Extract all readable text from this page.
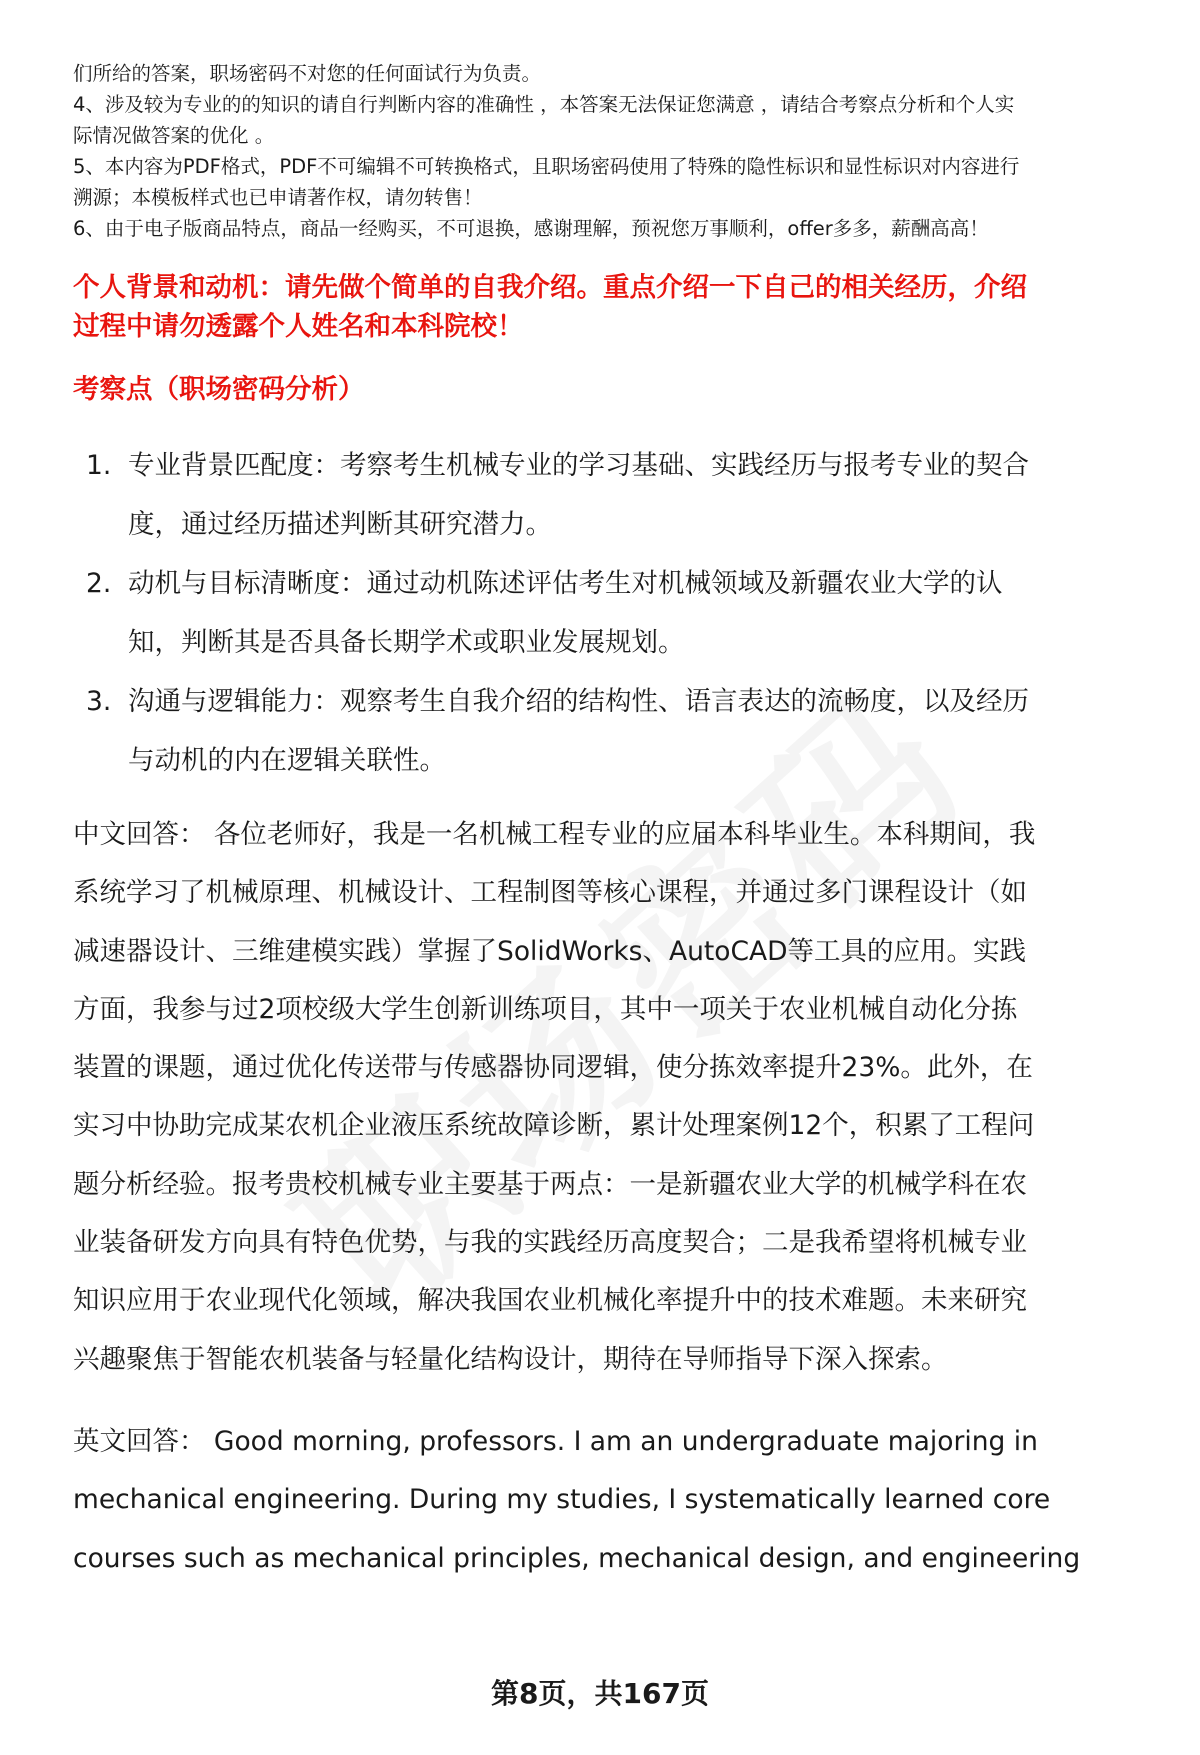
们所给的答案，职场密码不对您的任何面试行为负责。

4、涉及较为专业的的知识的请自行判断内容的准确性 ，本答案无法保证您满意 ，请结合考察点分析和个人实

际情况做答案的优化 。

5、本内容为PDF格式，PDF不可编辑不可转换格式，且职场密码使用了特殊的隐性标识和显性标识对内容进行

溯源；本模板样式也已申请著作权，请勿转售！

6、由于电子版商品特点，商品一经购买，不可退换，感谢理解，预祝您万事顺利，offer多多，薪酬高高！

个人背景和动机：请先做个简单的自我介绍。重点介绍一下自己的相关经历，介绍
过程中请勿透露个人姓名和本科院校！
考察点（职场密码分析）
1. 专业背景匹配度：考察考生机械专业的学习基础、实践经历与报考专业的契合
度，通过经历描述判断其研究潜力。
2. 动机与目标清晰度：通过动机陈述评估考生对机械领域及新疆农业大学的认
知，判断其是否具备长期学术或职业发展规划。
3. 沟通与逻辑能力：观察考生自我介绍的结构性、语言表达的流畅度，以及经历
与动机的内在逻辑关联性。
中文回答： 各位老师好，我是一名机械工程专业的应届本科毕业生。本科期间，我
系统学习了机械原理、机械设计、工程制图等核心课程，并通过多门课程设计（如
减速器设计、三维建模实践）掌握了SolidWorks、AutoCAD等工具的应用。实践
方面，我参与过2项校级大学生创新训练项目，其中一项关于农业机械自动化分拣
装置的课题，通过优化传送带与传感器协同逻辑，使分拣效率提升23%。此外，在
实习中协助完成某农机企业液压系统故障诊断，累计处理案例12个，积累了工程问
题分析经验。报考贵校机械专业主要基于两点：一是新疆农业大学的机械学科在农
业装备研发方向具有特色优势，与我的实践经历高度契合；二是我希望将机械专业
知识应用于农业现代化领域，解决我国农业机械化率提升中的技术难题。未来研究
兴趣聚焦于智能农机装备与轻量化结构设计，期待在导师指导下深入探索。
英文回答： Good morning, professors. I am an undergraduate majoring in
mechanical engineering. During my studies, I systematically learned core
courses such as mechanical principles, mechanical design, and engineering
第8页，共167页
